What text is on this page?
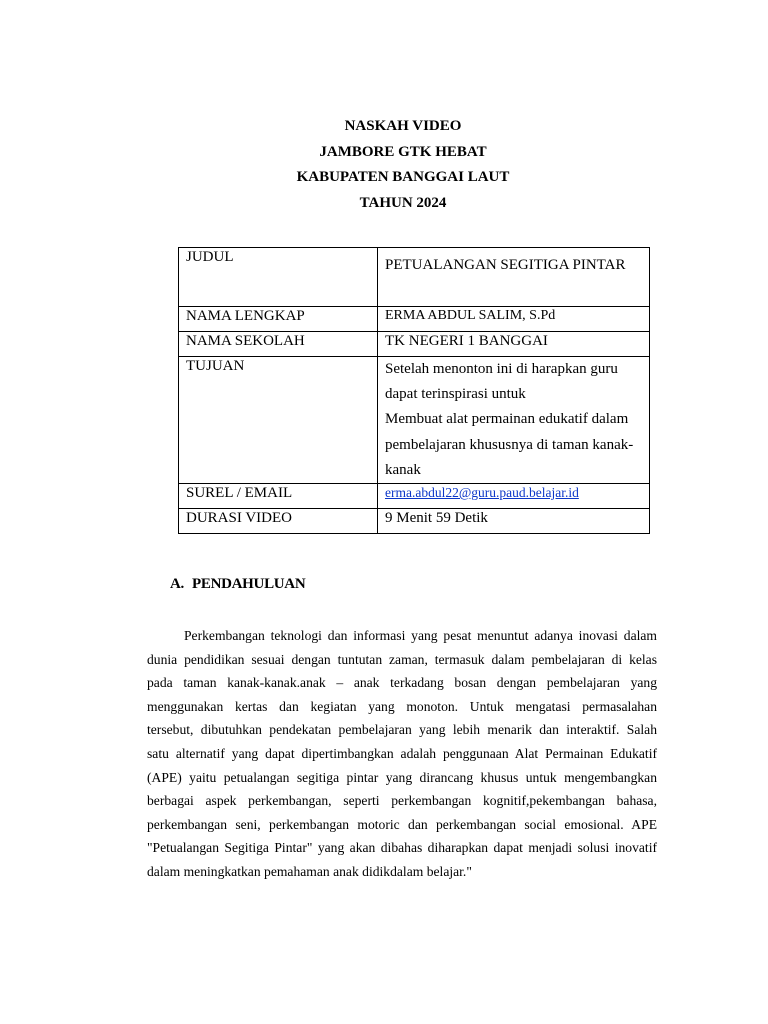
NASKAH VIDEO
JAMBORE GTK HEBAT
KABUPATEN BANGGAI LAUT
TAHUN 2024
JUDUL	PETUALANGAN SEGITIGA PINTAR
NAMA LENGKAP	ERMA ABDUL SALIM, S.Pd
NAMA SEKOLAH	TK NEGERI 1 BANGGAI
TUJUAN	Setelah menonton ini di harapkan guru
dapat terinspirasi untuk
Membuat alat permainan edukatif dalam
pembelajaran khususnya di taman kanak-
kanak

SUREL / EMAIL	erma.abdul22@guru.paud.belajar.id
DURASI VIDEO	9 Menit 59 Detik
A. PENDAHULUAN
Perkembangan teknologi dan informasi yang pesat menuntut adanya inovasi dalam
dunia pendidikan sesuai dengan tuntutan zaman, termasuk dalam pembelajaran di kelas
pada taman kanak-kanak.anak – anak terkadang bosan dengan pembelajaran yang
menggunakan kertas dan kegiatan yang monoton. Untuk mengatasi permasalahan
tersebut, dibutuhkan pendekatan pembelajaran yang lebih menarik dan interaktif. Salah
satu alternatif yang dapat dipertimbangkan adalah penggunaan Alat Permainan Edukatif
(APE) yaitu petualangan segitiga pintar yang dirancang khusus untuk mengembangkan
berbagai aspek perkembangan, seperti perkembangan kognitif,pekembangan bahasa,
perkembangan seni, perkembangan motoric dan perkembangan social emosional. APE
"Petualangan Segitiga Pintar" yang akan dibahas diharapkan dapat menjadi solusi inovatif
dalam meningkatkan pemahaman anak didikdalam belajar."
